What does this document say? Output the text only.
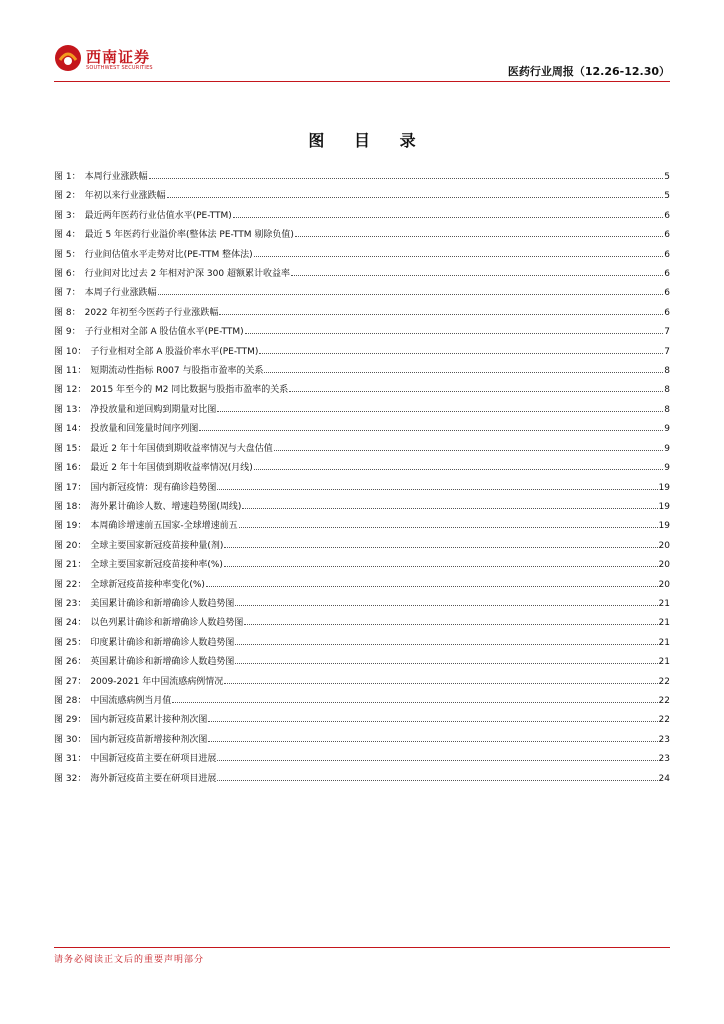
西南证券
SOUTHWEST SECURITIES	医药行业周报（12.26-12.30）
图 目 录
图 1： 本周行业涨跌幅	5
图 2： 年初以来行业涨跌幅	5
图 3： 最近两年医药行业估值水平(PE-TTM)	6
图 4： 最近 5 年医药行业溢价率(整体法 PE-TTM 剔除负值)	6
图 5： 行业间估值水平走势对比(PE-TTM 整体法)	6
图 6： 行业间对比过去 2 年相对沪深 300 超额累计收益率	6
图 7： 本周子行业涨跌幅	6
图 8： 2022 年初至今医药子行业涨跌幅	6
图 9： 子行业相对全部 A 股估值水平(PE-TTM)	7
图 10： 子行业相对全部 A 股溢价率水平(PE-TTM)	7
图 11： 短期流动性指标 R007 与股指市盈率的关系	8
图 12： 2015 年至今的 M2 同比数据与股指市盈率的关系	8
图 13： 净投放量和逆回购到期量对比图	8
图 14： 投放量和回笼量时间序列图	9
图 15： 最近 2 年十年国债到期收益率情况与大盘估值	9
图 16： 最近 2 年十年国债到期收益率情况(月线)	9
图 17： 国内新冠疫情：现有确诊趋势图	19
图 18： 海外累计确诊人数、增速趋势图(周线)	19
图 19： 本周确诊增速前五国家-全球增速前五	19
图 20： 全球主要国家新冠疫苗接种量(剂)	20
图 21： 全球主要国家新冠疫苗接种率(%)	20
图 22： 全球新冠疫苗接种率变化(%)	20
图 23： 美国累计确诊和新增确诊人数趋势图	21
图 24： 以色列累计确诊和新增确诊人数趋势图	21
图 25： 印度累计确诊和新增确诊人数趋势图	21
图 26： 英国累计确诊和新增确诊人数趋势图	21
图 27： 2009-2021 年中国流感病例情况	22
图 28： 中国流感病例当月值	22
图 29： 国内新冠疫苗累计接种剂次图	22
图 30： 国内新冠疫苗新增接种剂次图	23
图 31： 中国新冠疫苗主要在研项目进展	23
图 32： 海外新冠疫苗主要在研项目进展	24
请务必阅读正文后的重要声明部分
